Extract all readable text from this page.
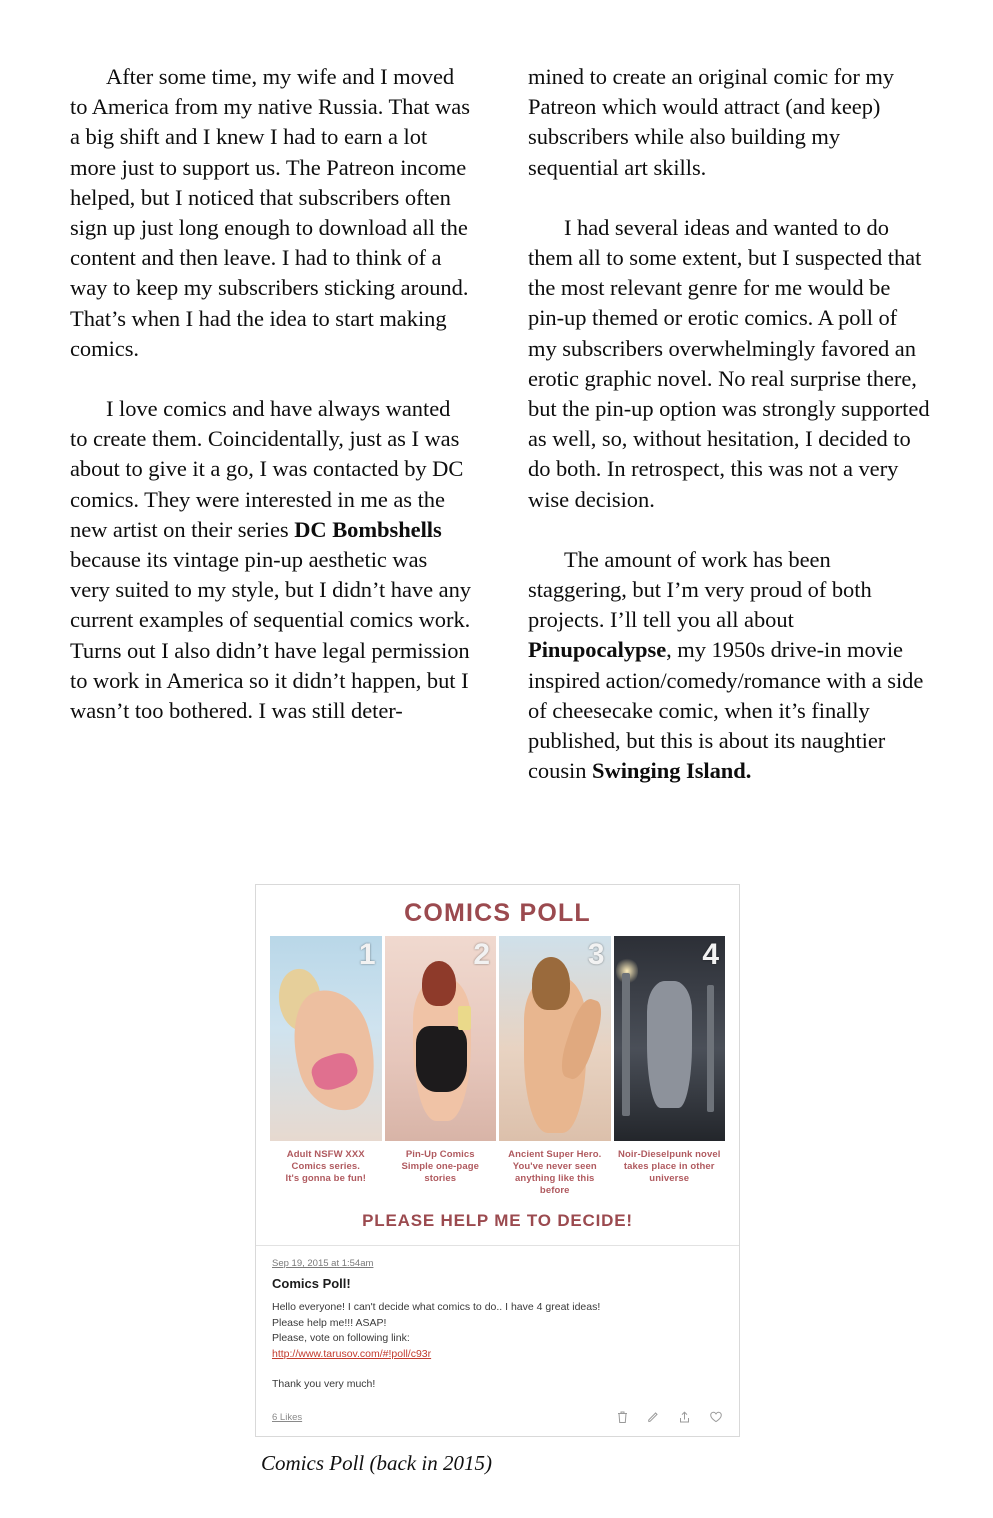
After some time, my wife and I moved to America from my native Russia. That was a big shift and I knew I had to earn a lot more just to support us. The Patreon income helped, but I noticed that subscribers often sign up just long enough to download all the content and then leave. I had to think of a way to keep my subscribers sticking around. That’s when I had the idea to start making comics.

I love comics and have always wanted to create them. Coincidentally, just as I was about to give it a go, I was contacted by DC comics. They were interested in me as the new artist on their series DC Bombshells because its vintage pin-up aesthetic was very suited to my style, but I didn’t have any current examples of sequential comics work. Turns out I also didn’t have legal permission to work in America so it didn’t happen, but I wasn’t too bothered. I was still deter-

mined to create an original comic for my Patreon which would attract (and keep) subscribers while also building my sequential art skills.

I had several ideas and wanted to do them all to some extent, but I suspected that the most relevant genre for me would be pin-up themed or erotic comics. A poll of my subscribers overwhelmingly favored an erotic graphic novel. No real surprise there, but the pin-up option was strongly supported as well, so, without hesitation, I decided to do both. In retrospect, this was not a very wise decision.

The amount of work has been staggering, but I’m very proud of both projects. I’ll tell you all about Pinupocalypse, my 1950s drive-in movie inspired action/comedy/romance with a side of cheesecake comic, when it’s finally published, but this is about its naughtier cousin Swinging Island.

COMICS POLL
1	2	3	4
Adult NSFW XXX
Comics series.
It's gonna be fun!
Pin-Up Comics
Simple one-page
stories
Ancient Super Hero.
You've never seen
anything like this before
Noir-Dieselpunk novel
takes place in other
universe
PLEASE HELP ME TO DECIDE!
Sep 19, 2015 at 1:54am
Comics Poll!
Hello everyone! I can't decide what comics to do.. I have 4 great ideas!
Please help me!!! ASAP!
Please, vote on following link:
http://www.tarusov.com/#!poll/c93r
Thank you very much!
6 Likes
Comics Poll (back in 2015)
